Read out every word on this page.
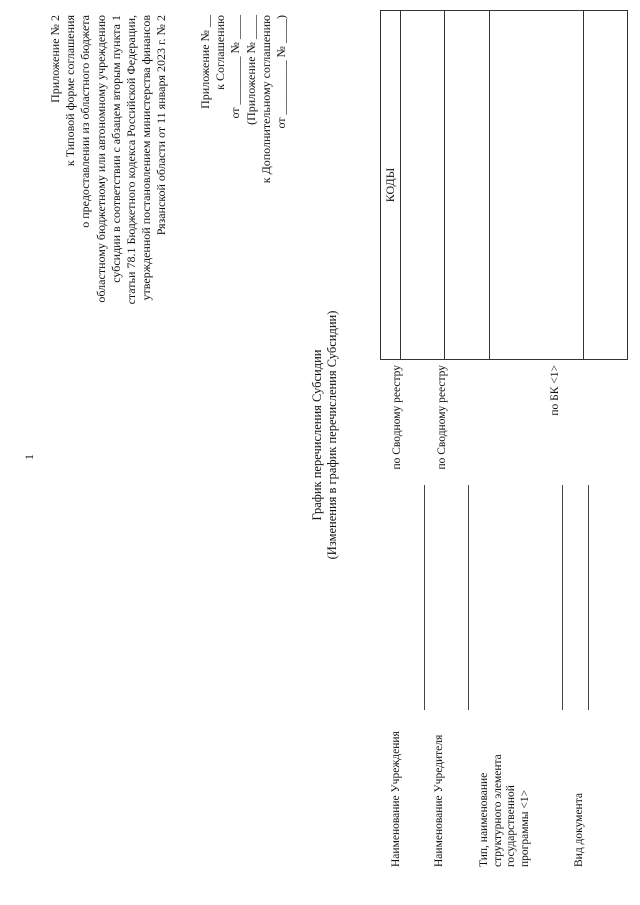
1
Приложение № 2 к Типовой форме соглашения о предоставлении из областного бюджета областному бюджетному или автономному учреждению субсидии в соответствии с абзацем вторым пункта 1 статьи 78.1 Бюджетного кодекса Российской Федерации, утвержденной постановлением министерства финансов Рязанской области от 11 января 2023 г. № 2 Приложение № __ к Соглашению от ________ № ____ (Приложение № ____ к Дополнительному соглашению от _________ № ____)
График перечисления Субсидии (Изменения в график перечисления Субсидии)
Наименование Учреждения
по Сводному реестру
Наименование Учредителя
по Сводному реестру
Тип, наименование структурного элемента государственной программы <1>
по БК <1>
Вид документа
КОДЫ
